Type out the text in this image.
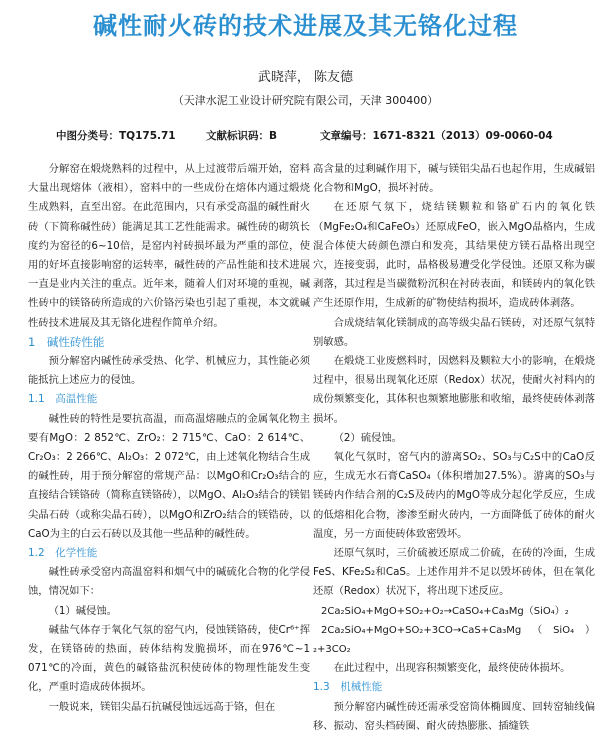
碱性耐火砖的技术进展及其无铬化过程
武晓萍， 陈友德
（天津水泥工业设计研究院有限公司，天津 300400）
中图分类号：TQ175.71	文献标识码：B	文章编号：1671-8321（2013）09-0060-04

分解窑在煅烧熟料的过程中，从上过渡带后端开始，窑料大量出现熔体（液相），窑料中的一些成份在熔体内通过煅烧生成熟料，直至出窑。在此范围内，只有承受高温的碱性耐火砖（下简称碱性砖）能满足其工艺性能需求。碱性砖的砌筑长度约为窑径的6~10倍，是窑内衬砖损坏最为严重的部位，使用的好坏直接影响窑的运转率，碱性砖的产品性能和技术进展一直是业内关注的重点。近年来，随着人们对环境的重视，碱性砖中的镁铬砖所造成的六价铬污染也引起了重视，本文就碱性砖技术进展及其无铬化进程作简单介绍。

1　碱性砖性能

预分解窑内碱性砖承受热、化学、机械应力，其性能必须能抵抗上述应力的侵蚀。

1.1　高温性能

碱性砖的特性是要抗高温，而高温熔融点的金属氧化物主要有MgO：2 852℃、ZrO₂：2 715℃、CaO：2 614℃、Cr₂O₃：2 266℃、Al₂O₃：2 072℃，由上述氧化物结合生成的碱性砖，用于预分解窑的常规产品：以MgO和Cr₂O₃结合的直接结合镁铬砖（简称直镁铬砖），以MgO、Al₂O₃结合的镁铝尖晶石砖（或称尖晶石砖），以MgO和ZrO₂结合的镁锆砖，以CaO为主的白云石砖以及其他一些品种的碱性砖。

1.2　化学性能

碱性砖承受窑内高温窑料和烟气中的碱硫化合物的化学侵蚀，情况如下：

（1）碱侵蚀。

碱盐气体存于氧化气氛的窑气内，侵蚀镁铬砖，使Cr⁶⁺挥发，在镁铬砖的热面，砖体结构发脆损坏，而在976℃~1 071℃的冷面，黄色的碱铬盐沉积使砖体的物理性能发生变化，严重时造成砖体损坏。

一般说来，镁铝尖晶石抗碱侵蚀远远高于铬，但在

高含量的过剩碱作用下，碱与镁铝尖晶石也起作用，生成碱铝化合物和MgO，损坏衬砖。

在还原气氛下，烧结镁颗粒和铬矿石内的氧化铁（MgFe₂O₄和CaFeO₃）还原成FeO，嵌入MgO晶格内，生成混合体使大砖颜色漂白和发亮，其结果使方镁石晶格出现空穴，连接变弱，此时，晶格极易遭受化学侵蚀。还原又称为碳剥落，其过程是当碳微粉沉积在衬砖表面，和镁砖内的氧化铁产生还原作用，生成新的矿物使结构损坏，造成砖体剥落。

合成烧结氧化镁制成的高等级尖晶石镁砖，对还原气氛特别敏感。

在煅烧工业废燃料时，因燃料及颗粒大小的影响，在煅烧过程中，很易出现氧化还原（Redox）状况，使耐火衬料内的成份频繁变化，其体积也频繁地膨胀和收缩，最终使砖体剥落损坏。

（2）硫侵蚀。

氧化气氛时，窑气内的游离SO₂、SO₃与C₂S中的CaO反应，生成无水石膏CaSO₄（体积增加27.5%）。游离的SO₃与镁砖内作结合剂的C₂S及砖内的MgO等成分起化学反应，生成的低熔相化合物，渗渗至耐火砖内，一方面降低了砖体的耐火温度，另一方面使砖体致密毁坏。

还原气氛时，三价硫被还原成二价硫，在砖的冷面，生成FeS、KFe₂S₂和CaS。上述作用并不足以毁坏砖体，但在氧化还原（Redox）状况下，将出现下述反应。

2Ca₂SiO₄+MgO+SO₂+O₂→CaSO₄+Ca₃Mg（SiO₄）₂

2Ca₂SiO₄+MgO+SO₂+3CO→CaS+Ca₃Mg（SiO₄）₂+3CO₂

在此过程中，出现容积频繁变化，最终使砖体损坏。

1.3　机械性能

预分解窑内碱性砖还需承受窑筒体椭圆度、回转窑轴线偏移、振动、窑头档砖圈、耐火砖热膨胀、插缝铁
